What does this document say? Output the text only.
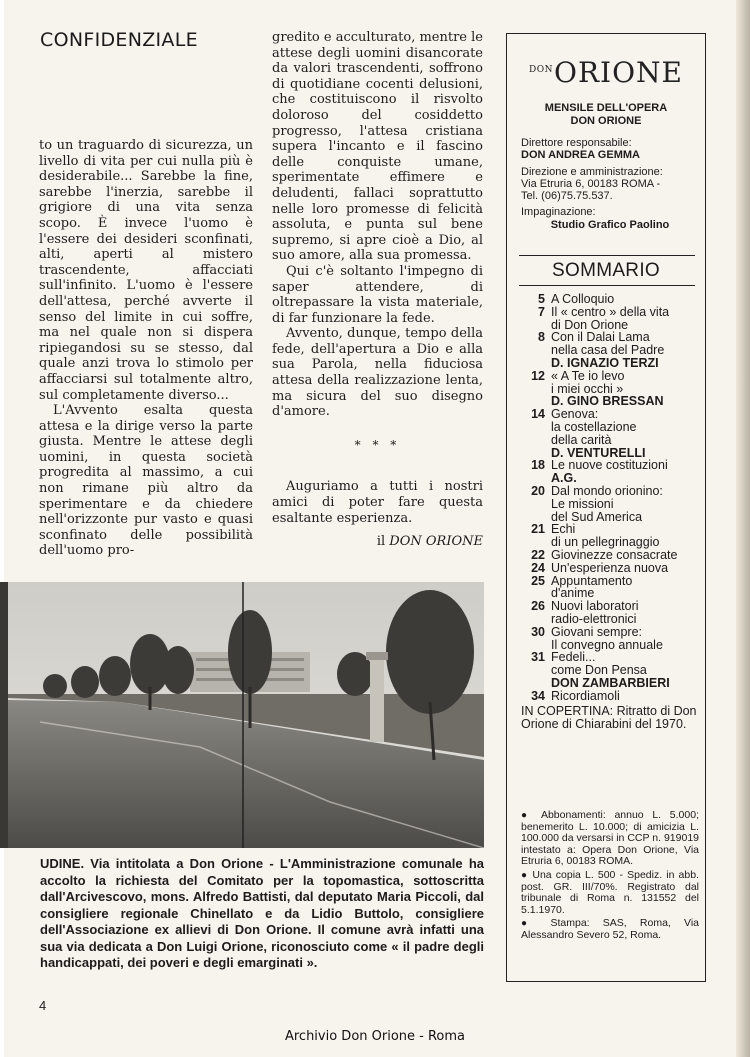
CONFIDENZIALE

to un traguardo di sicurezza, un livello di vita per cui nulla più è desiderabile... Sarebbe la fine, sarebbe l'inerzia, sarebbe il grigiore di una vita senza scopo. È invece l'uomo è l'essere dei desideri sconfinati, alti, aperti al mistero trascendente, affacciati sull'infinito. L'uomo è l'essere dell'attesa, perché avverte il senso del limite in cui soffre, ma nel quale non si dispera ripiegandosi su se stesso, dal quale anzi trova lo stimolo per affacciarsi sul totalmente altro, sul completamente diverso...

L'Avvento esalta questa attesa e la dirige verso la parte giusta. Mentre le attese degli uomini, in questa società progredita al massimo, a cui non rimane più altro da sperimentare e da chiedere nell'orizzonte pur vasto e quasi sconfinato delle possibilità dell'uomo pro-

gredito e acculturato, mentre le attese degli uomini disancorate da valori trascendenti, soffrono di quotidiane cocenti delusioni, che costituiscono il risvolto doloroso del cosiddetto progresso, l'attesa cristiana supera l'incanto e il fascino delle conquiste umane, sperimentate effimere e deludenti, fallaci soprattutto nelle loro promesse di felicità assoluta, e punta sul bene supremo, si apre cioè a Dio, al suo amore, alla sua promessa.

Qui c'è soltanto l'impegno di saper attendere, di oltrepassare la vista materiale, di far funzionare la fede.

Avvento, dunque, tempo della fede, dell'apertura a Dio e alla sua Parola, nella fiduciosa attesa della realizzazione lenta, ma sicura del suo disegno d'amore.

* * *

Auguriamo a tutti i nostri amici di poter fare questa esaltante esperienza.

il DON ORIONE

$^{DON}$ORIONE
MENSILE DELL'OPERA
DON ORIONE
Direttore responsabile:
DON ANDREA GEMMA
Direzione e amministrazione:
Via Etruria 6, 00183 ROMA -
Tel. (06)75.75.537.
Impaginazione:
Studio Grafico Paolino
SOMMARIO
5 A Colloquio
7 Il « centro » della vita
di Don Orione
8 Con il Dalai Lama
nella casa del Padre
D. IGNAZIO TERZI
12 « A Te io levo
i miei occhi »
D. GINO BRESSAN
14 Genova:
la costellazione
della carità
D. VENTURELLI
18 Le nuove costituzioni
A.G.
20 Dal mondo orionino:
Le missioni
del Sud America
21 Echi
di un pellegrinaggio
22 Giovinezze consacrate
24 Un'esperienza nuova
25 Appuntamento
d'anime
26 Nuovi laboratori
radio-elettronici
30 Giovani sempre:
Il convegno annuale
31 Fedeli...
come Don Pensa
DON ZAMBARBIERI
34 Ricordiamoli
IN COPERTINA: Ritratto di Don Orione di Chiarabini del 1970.

● Abbonamenti: annuo L. 5.000; benemerito L. 10.000; di amicizia L. 100.000 da versarsi in CCP n. 919019 intestato a: Opera Don Orione, Via Etruria 6, 00183 ROMA.

● Una copia L. 500 - Spediz. in abb. post. GR. III/70%. Registrato dal tribunale di Roma n. 131552 del 5.1.1970.

● Stampa: SAS, Roma, Via Alessandro Severo 52, Roma.

UDINE. Via intitolata a Don Orione - L'Amministrazione comunale ha accolto la richiesta del Comitato per la topomastica, sottoscritta dall'Arcivescovo, mons. Alfredo Battisti, dal deputato Maria Piccoli, dal consigliere regionale Chinellato e da Lidio Buttolo, consigliere dell'Associazione ex allievi di Don Orione. Il comune avrà infatti una sua via dedicata a Don Luigi Orione, riconosciuto come « il padre degli handicappati, dei poveri e degli emarginati ».
4
Archivio Don Orione - Roma
